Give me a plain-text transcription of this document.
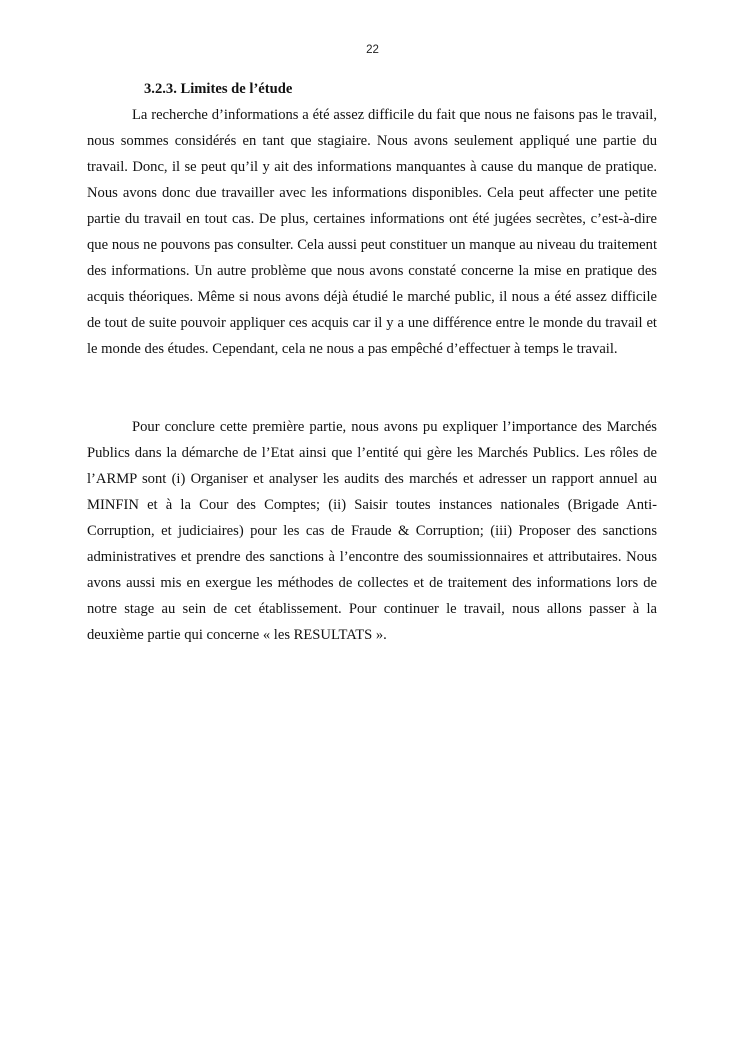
22
3.2.3. Limites de l’étude

La recherche d’informations a été assez difficile du fait que nous ne faisons pas le travail, nous sommes considérés en tant que stagiaire. Nous avons seulement appliqué une partie du travail. Donc, il se peut qu’il y ait des informations manquantes à cause du manque de pratique. Nous avons donc due travailler avec les informations disponibles. Cela peut affecter une petite partie du travail en tout cas. De plus, certaines informations ont été jugées secrètes, c’est-à-dire que nous ne pouvons pas consulter. Cela aussi peut constituer un manque au niveau du traitement des informations. Un autre problème que nous avons constaté concerne la mise en pratique des acquis théoriques. Même si nous avons déjà étudié le marché public, il nous a été assez difficile de tout de suite pouvoir appliquer ces acquis car il y a une différence entre le monde du travail et le monde des études. Cependant, cela ne nous a pas empêché d’effectuer à temps le travail.

Pour conclure cette première partie, nous avons pu expliquer l’importance des Marchés Publics dans la démarche de l’Etat ainsi que l’entité qui gère les Marchés Publics. Les rôles de l’ARMP sont (i) Organiser et analyser les audits des marchés et adresser un rapport annuel au MINFIN et à la Cour des Comptes; (ii) Saisir toutes instances nationales (Brigade Anti-Corruption, et judiciaires) pour les cas de Fraude & Corruption; (iii) Proposer des sanctions administratives et prendre des sanctions à l’encontre des soumissionnaires et attributaires. Nous avons aussi mis en exergue les méthodes de collectes et de traitement des informations lors de notre stage au sein de cet établissement. Pour continuer le travail, nous allons passer à la deuxième partie qui concerne « les RESULTATS ».
